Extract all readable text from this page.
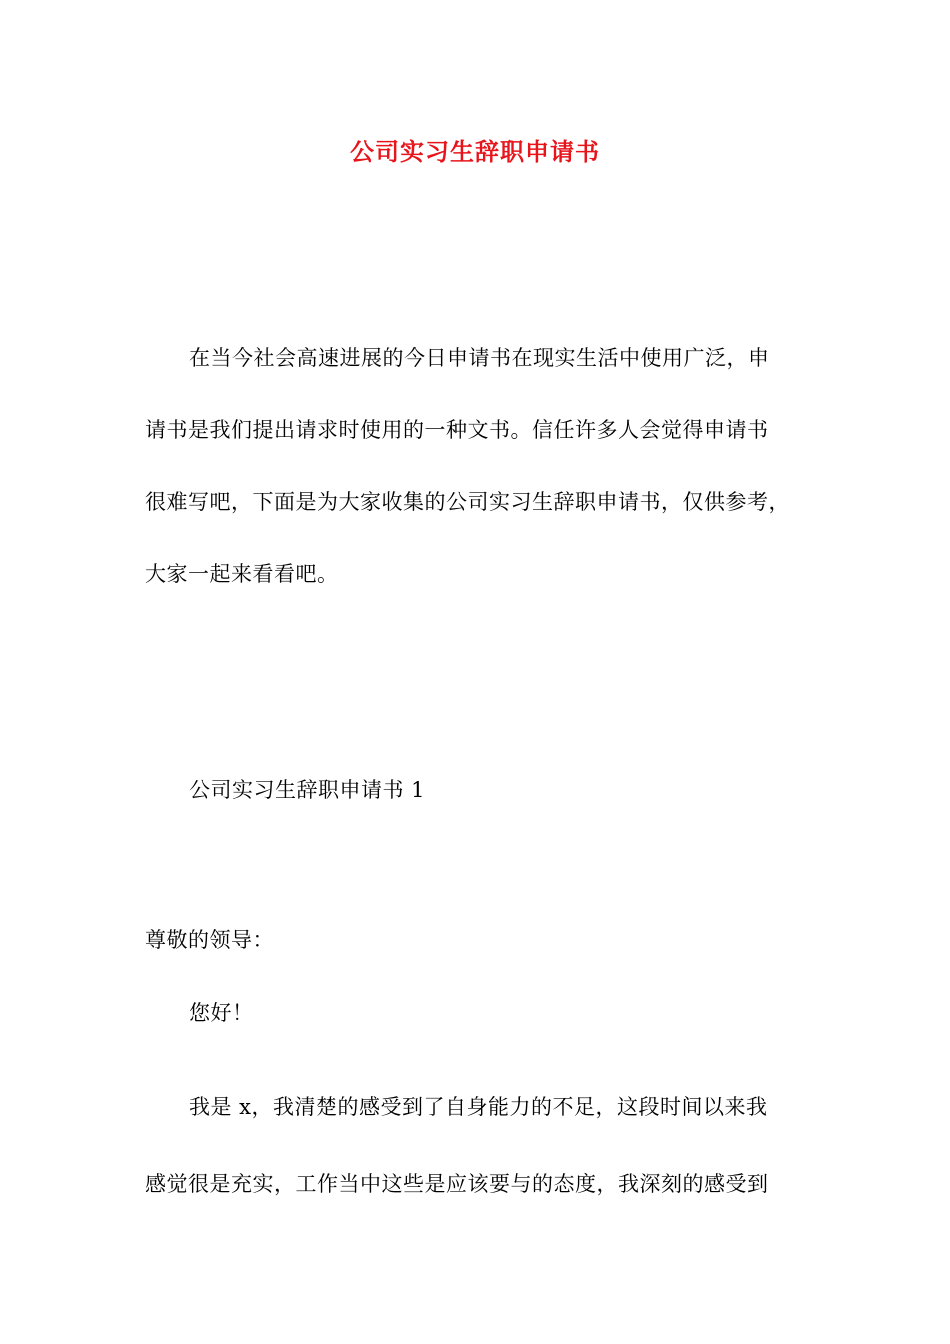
公司实习生辞职申请书
在当今社会高速进展的今日申请书在现实生活中使用广泛，申
请书是我们提出请求时使用的一种文书。信任许多人会觉得申请书
很难写吧，下面是为大家收集的公司实习生辞职申请书，仅供参考，
大家一起来看看吧。
公司实习生辞职申请书 1
尊敬的领导：
您好！
我是 x，我清楚的感受到了自身能力的不足，这段时间以来我
感觉很是充实，工作当中这些是应该要与的态度，我深刻的感受到
